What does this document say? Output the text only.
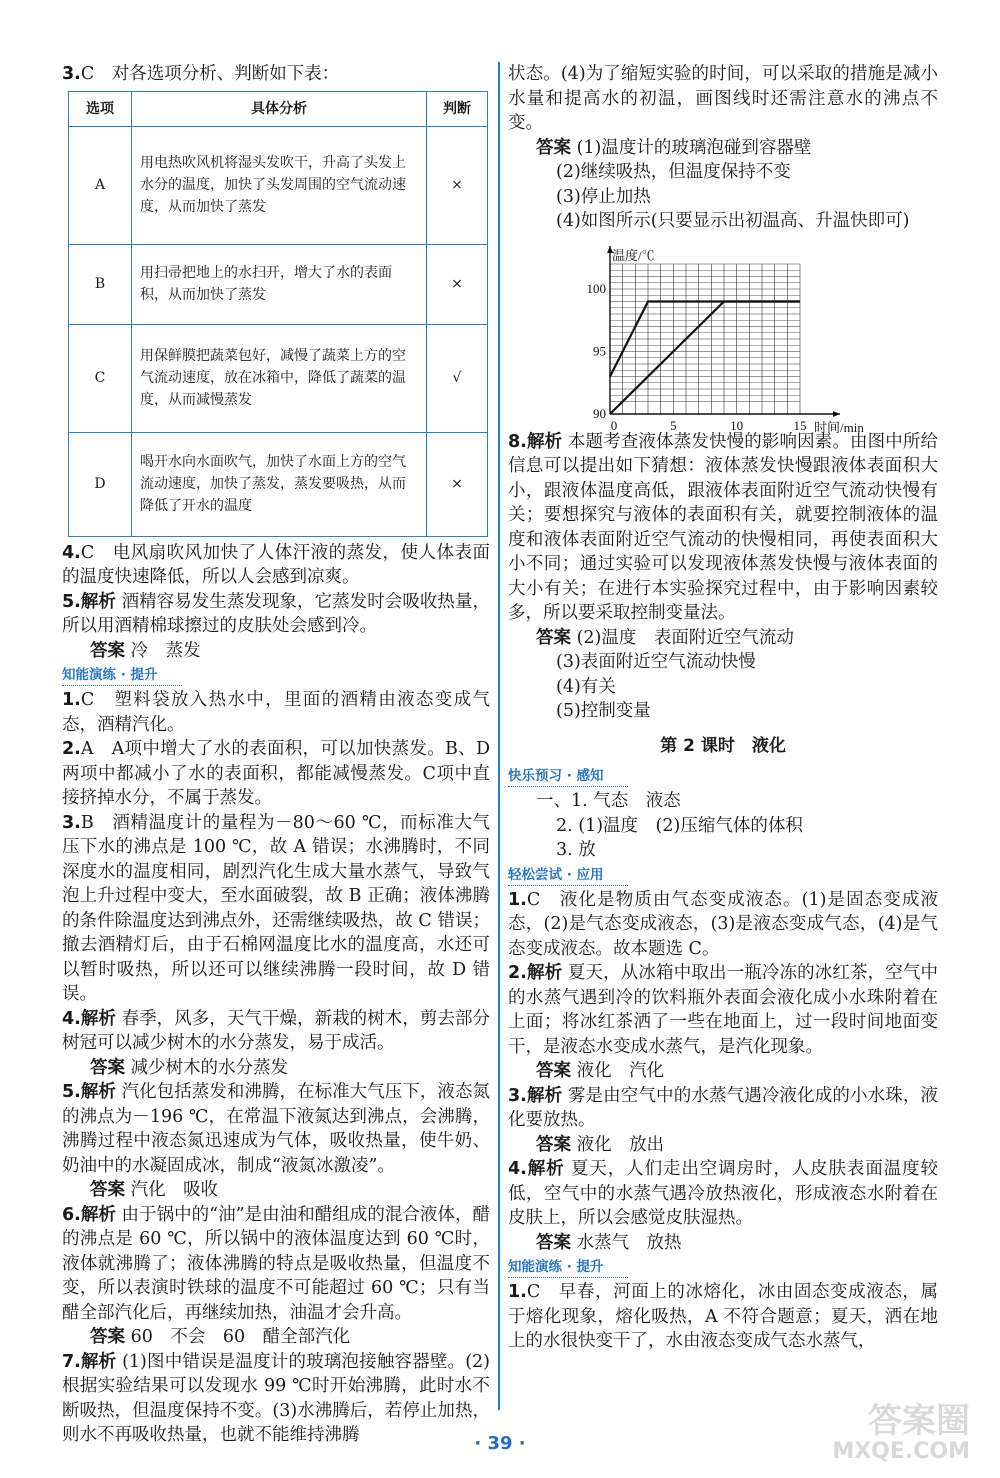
3.C　对各选项分析、判断如下表：

选项	具体分析	判断
A	用电热吹风机将湿头发吹干，升高了头发上水分的温度，加快了头发周围的空气流动速度，从而加快了蒸发	×
B	用扫帚把地上的水扫开，增大了水的表面积，从而加快了蒸发	×
C	用保鲜膜把蔬菜包好，减慢了蔬菜上方的空气流动速度，放在冰箱中，降低了蔬菜的温度，从而减慢蒸发	√
D	喝开水向水面吹气，加快了水面上方的空气流动速度，加快了蒸发，蒸发要吸热，从而降低了开水的温度	×

4.C　电风扇吹风加快了人体汗液的蒸发，使人体表面的温度快速降低，所以人会感到凉爽。

5.解析 酒精容易发生蒸发现象，它蒸发时会吸收热量，所以用酒精棉球擦过的皮肤处会感到冷。

答案 冷　蒸发

知能演练 · 提升

1.C　塑料袋放入热水中，里面的酒精由液态变成气态，酒精汽化。

2.A　A项中增大了水的表面积，可以加快蒸发。B、D两项中都减小了水的表面积，都能减慢蒸发。C项中直接挤掉水分，不属于蒸发。

3.B　酒精温度计的量程为－80～60 ℃，而标准大气压下水的沸点是 100 ℃，故 A 错误；水沸腾时，不同深度水的温度相同，剧烈汽化生成大量水蒸气，导致气泡上升过程中变大，至水面破裂，故 B 正确；液体沸腾的条件除温度达到沸点外，还需继续吸热，故 C 错误；撤去酒精灯后，由于石棉网温度比水的温度高，水还可以暂时吸热，所以还可以继续沸腾一段时间，故 D 错误。

4.解析 春季，风多，天气干燥，新栽的树木，剪去部分树冠可以减少树木的水分蒸发，易于成活。

答案 减少树木的水分蒸发

5.解析 汽化包括蒸发和沸腾，在标准大气压下，液态氮的沸点为－196 ℃，在常温下液氮达到沸点，会沸腾，沸腾过程中液态氮迅速成为气体，吸收热量，使牛奶、奶油中的水凝固成冰，制成“液氮冰激凌”。

答案 汽化　吸收

6.解析 由于锅中的“油”是由油和醋组成的混合液体，醋的沸点是 60 ℃，所以锅中的液体温度达到 60 ℃时，液体就沸腾了；液体沸腾的特点是吸收热量，但温度不变，所以表演时铁球的温度不可能超过 60 ℃；只有当醋全部汽化后，再继续加热，油温才会升高。

答案 60　不会　60　醋全部汽化

7.解析 (1)图中错误是温度计的玻璃泡接触容器壁。(2)根据实验结果可以发现水 99 ℃时开始沸腾，此时水不断吸热，但温度保持不变。(3)水沸腾后，若停止加热，则水不再吸收热量，也就不能维持沸腾

状态。(4)为了缩短实验的时间，可以采取的措施是减小水量和提高水的初温，画图线时还需注意水的沸点不变。

答案 (1)温度计的玻璃泡碰到容器壁

(2)继续吸热，但温度保持不变

(3)停止加热

(4)如图所示(只要显示出初温高、升温快即可)

0	5	10	15
90
95
100
温度/℃
时间/min

8.解析 本题考查液体蒸发快慢的影响因素。由图中所给信息可以提出如下猜想：液体蒸发快慢跟液体表面积大小，跟液体温度高低，跟液体表面附近空气流动快慢有关；要想探究与液体的表面积有关，就要控制液体的温度和液体表面附近空气流动的快慢相同，再使表面积大小不同；通过实验可以发现液体蒸发快慢与液体表面的大小有关；在进行本实验探究过程中，由于影响因素较多，所以要采取控制变量法。

答案 (2)温度　表面附近空气流动

(3)表面附近空气流动快慢

(4)有关

(5)控制变量

第 2 课时　液化
快乐预习 · 感知

一、1. 气态　液态

2. (1)温度　(2)压缩气体的体积

3. 放

轻松尝试 · 应用

1.C　液化是物质由气态变成液态。(1)是固态变成液态，(2)是气态变成液态，(3)是液态变成气态，(4)是气态变成液态。故本题选 C。

2.解析 夏天，从冰箱中取出一瓶冷冻的冰红茶，空气中的水蒸气遇到冷的饮料瓶外表面会液化成小水珠附着在上面；将冰红茶洒了一些在地面上，过一段时间地面变干，是液态水变成水蒸气，是汽化现象。

答案 液化　汽化

3.解析 雾是由空气中的水蒸气遇冷液化成的小水珠，液化要放热。

答案 液化　放出

4.解析 夏天，人们走出空调房时，人皮肤表面温度较低，空气中的水蒸气遇冷放热液化，形成液态水附着在皮肤上，所以会感觉皮肤湿热。

答案 水蒸气　放热

知能演练 · 提升

1.C　早春，河面上的冰熔化，冰由固态变成液态，属于熔化现象，熔化吸热，A 不符合题意；夏天，洒在地上的水很快变干了，水由液态变成气态水蒸气，

· 39 ·
答案圈
MXQE.COM
